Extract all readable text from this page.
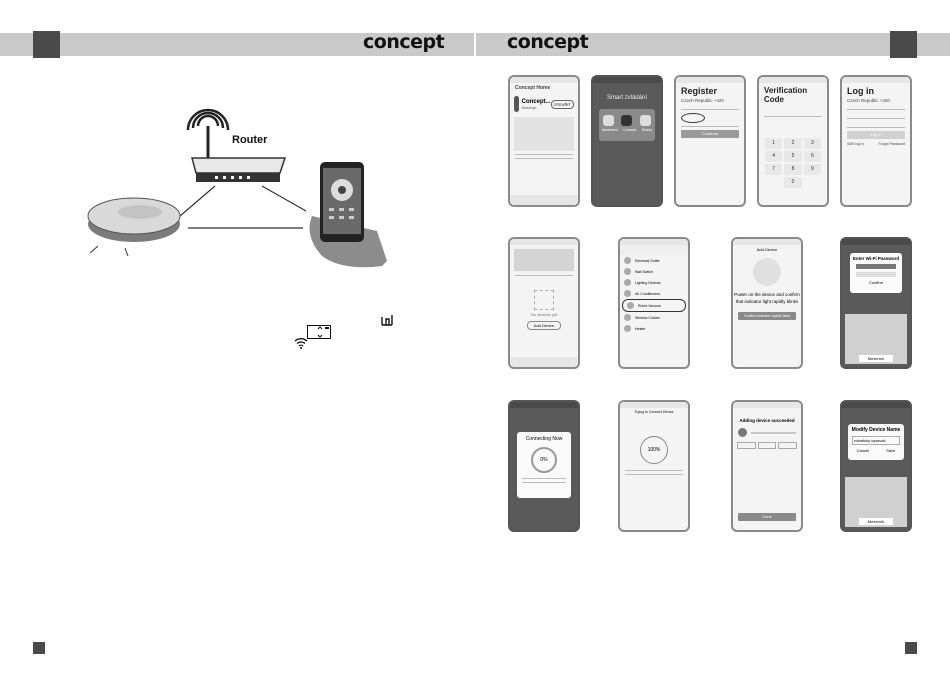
concept	concept
Router
Concept Home
Concept...
Nástroje
OTEVŘÍT
Smart zvládání
Nastavení Concept Složky
Register
Czech Republic +420
Continue
Verification Code
1	2	3
4	5	6
7	8	9
0
Log in
Czech Republic +420
Log in
SMS log in	Forgot Password
No devices yet
Add Device
Electrical Outlet
Wall Switch
Lighting Devices
Air Conditioners
Robot Vacuum
Window Curtain
Heater
Add Device
Power on the device and confirm
that indicator light rapidly blinks
Confirm indicator rapidly blink
Enter Wi-Fi Password
Confirm
Mezerník
Connecting Now
0%
Trying to Connect Device
100%
Adding device succeeded
Done
Modify Device Name
robotický vysavač
Cancel	Save
Mezerník
